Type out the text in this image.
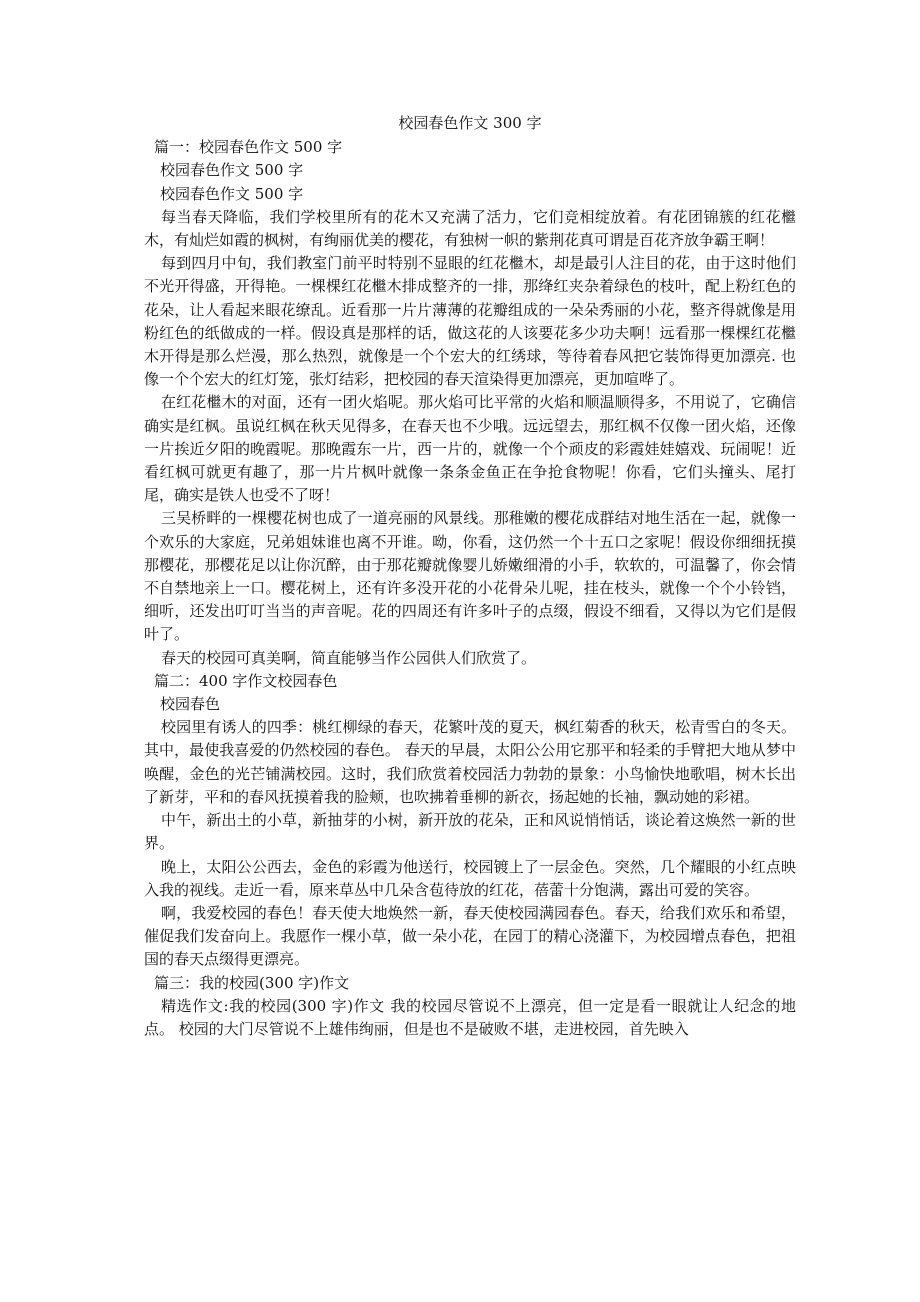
校园春色作文 300 字

篇一：校园春色作文 500 字

校园春色作文 500 字

校园春色作文 500 字

每当春天降临，我们学校里所有的花木又充满了活力，它们竞相绽放着。有花团锦簇的红花檵木，有灿烂如霞的枫树，有绚丽优美的樱花，有独树一帜的紫荆花真可谓是百花齐放争霸王啊！

每到四月中旬，我们教室门前平时特别不显眼的红花檵木，却是最引人注目的花，由于这时他们不光开得盛，开得艳。一棵棵红花檵木排成整齐的一排，那绛红夹杂着绿色的枝叶，配上粉红色的花朵，让人看起来眼花缭乱。近看那一片片薄薄的花瓣组成的一朵朵秀丽的小花，整齐得就像是用粉红色的纸做成的一样。假设真是那样的话，做这花的人该要花多少功夫啊！远看那一棵棵红花檵木开得是那么烂漫，那么热烈，就像是一个个宏大的红绣球，等待着春风把它装饰得更加漂亮. 也像一个个宏大的红灯笼，张灯结彩，把校园的春天渲染得更加漂亮，更加喧哗了。

在红花檵木的对面，还有一团火焰呢。那火焰可比平常的火焰和顺温顺得多，不用说了，它确信确实是红枫。虽说红枫在秋天见得多，在春天也不少哦。远远望去，那红枫不仅像一团火焰，还像一片挨近夕阳的晚霞呢。那晚霞东一片，西一片的，就像一个个顽皮的彩霞娃娃嬉戏、玩闹呢！近看红枫可就更有趣了，那一片片枫叶就像一条条金鱼正在争抢食物呢！你看，它们头撞头、尾打尾，确实是铁人也受不了呀！

三吴桥畔的一棵樱花树也成了一道亮丽的风景线。那稚嫩的樱花成群结对地生活在一起，就像一个欢乐的大家庭，兄弟姐妹谁也离不开谁。呦，你看，这仍然一个十五口之家呢！假设你细细抚摸那樱花，那樱花足以让你沉醉，由于那花瓣就像婴儿娇嫩细滑的小手，软软的，可温馨了，你会情不自禁地亲上一口。樱花树上，还有许多没开花的小花骨朵儿呢，挂在枝头，就像一个个小铃铛，细听，还发出叮叮当当的声音呢。花的四周还有许多叶子的点缀，假设不细看，又得以为它们是假叶了。

春天的校园可真美啊，简直能够当作公园供人们欣赏了。

篇二：400 字作文校园春色

校园春色

校园里有诱人的四季：桃红柳绿的春天，花繁叶茂的夏天，枫红菊香的秋天，松青雪白的冬天。其中，最使我喜爱的仍然校园的春色。 春天的早晨，太阳公公用它那平和轻柔的手臂把大地从梦中唤醒，金色的光芒铺满校园。这时，我们欣赏着校园活力勃勃的景象：小鸟愉快地歌唱，树木长出了新芽，平和的春风抚摸着我的脸颊，也吹拂着垂柳的新衣，扬起她的长袖，飘动她的彩裙。

中午，新出土的小草，新抽芽的小树，新开放的花朵，正和风说悄悄话，谈论着这焕然一新的世界。

晚上，太阳公公西去，金色的彩霞为他送行，校园镀上了一层金色。突然，几个耀眼的小红点映入我的视线。走近一看，原来草丛中几朵含苞待放的红花，蓓蕾十分饱满，露出可爱的笑容。

啊，我爱校园的春色！春天使大地焕然一新，春天使校园满园春色。春天，给我们欢乐和希望，催促我们发奋向上。我愿作一棵小草，做一朵小花，在园丁的精心浇灌下，为校园增点春色，把祖国的春天点缀得更漂亮。

篇三：我的校园(300 字)作文

精选作文:我的校园(300 字)作文 我的校园尽管说不上漂亮，但一定是看一眼就让人纪念的地点。 校园的大门尽管说不上雄伟绚丽，但是也不是破败不堪，走进校园，首先映入
